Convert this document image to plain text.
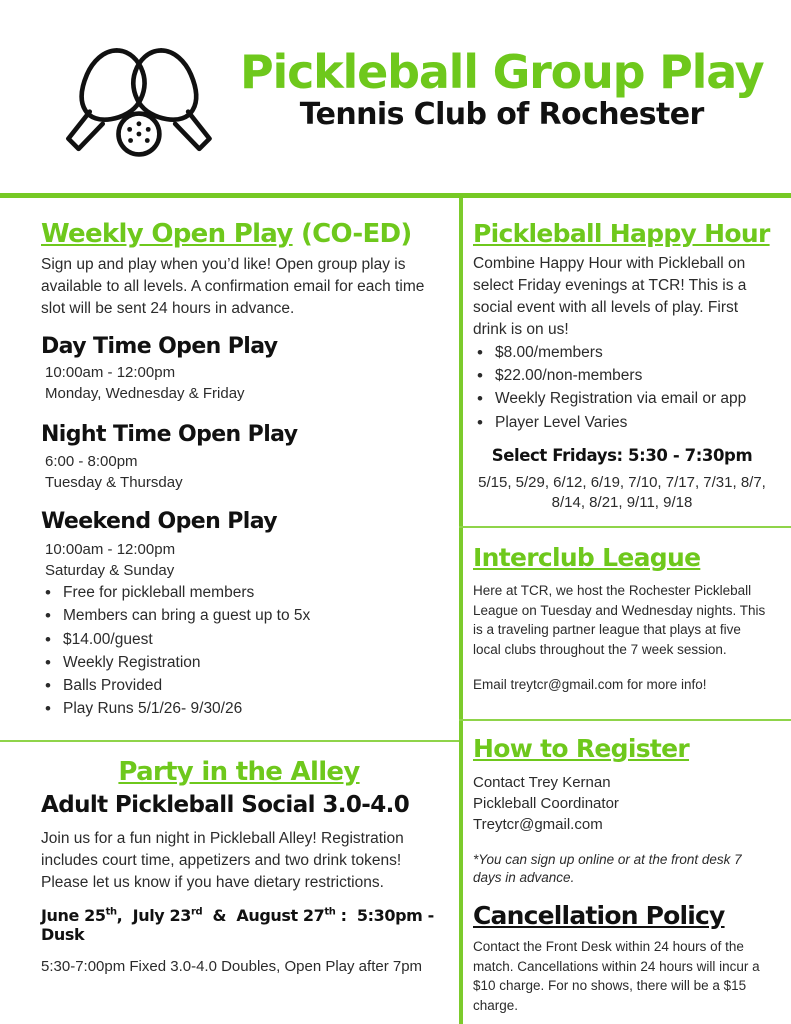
Pickleball Group Play
Tennis Club of Rochester
Weekly Open Play (CO-ED)

Sign up and play when you’d like! Open group play is available to all levels. A confirmation email for each time slot will be sent 24 hours in advance.

Day Time Open Play

10:00am - 12:00pm

Monday, Wednesday & Friday

Night Time Open Play

6:00 - 8:00pm

Tuesday & Thursday

Weekend Open Play

10:00am - 12:00pm

Saturday & Sunday

• Free for pickleball members
• Members can bring a guest up to 5x
• $14.00/guest
• Weekly Registration
• Balls Provided
• Play Runs 5/1/26- 9/30/26
Party in the Alley
Adult Pickleball Social 3.0-4.0

Join us for a fun night in Pickleball Alley! Registration includes court time, appetizers and two drink tokens! Please let us know if you have dietary restrictions.

June 25th,  July 23rd  &  August 27th :  5:30pm - Dusk

5:30-7:00pm Fixed 3.0-4.0 Doubles, Open Play after 7pm

Pickleball Happy Hour

Combine Happy Hour with Pickleball on select Friday evenings at TCR! This is a social event with all levels of play. First drink is on us!

• $8.00/members
• $22.00/non-members
• Weekly Registration via email or app
• Player Level Varies

Select Fridays: 5:30 - 7:30pm

5/15, 5/29, 6/12, 6/19, 7/10, 7/17, 7/31, 8/7,

8/14, 8/21, 9/11, 9/18

Interclub League

Here at TCR, we host the Rochester Pickleball League on Tuesday and Wednesday nights. This is a traveling partner league that plays at five local clubs throughout the 7 week session.

Email treytcr@gmail.com for more info!

How to Register

Contact Trey Kernan

Pickleball Coordinator

Treytcr@gmail.com

*You can sign up online or at the front desk 7 days in advance.

Cancellation Policy

Contact the Front Desk within 24 hours of the match. Cancellations within 24 hours will incur a $10 charge. For no shows, there will be a $15 charge.
